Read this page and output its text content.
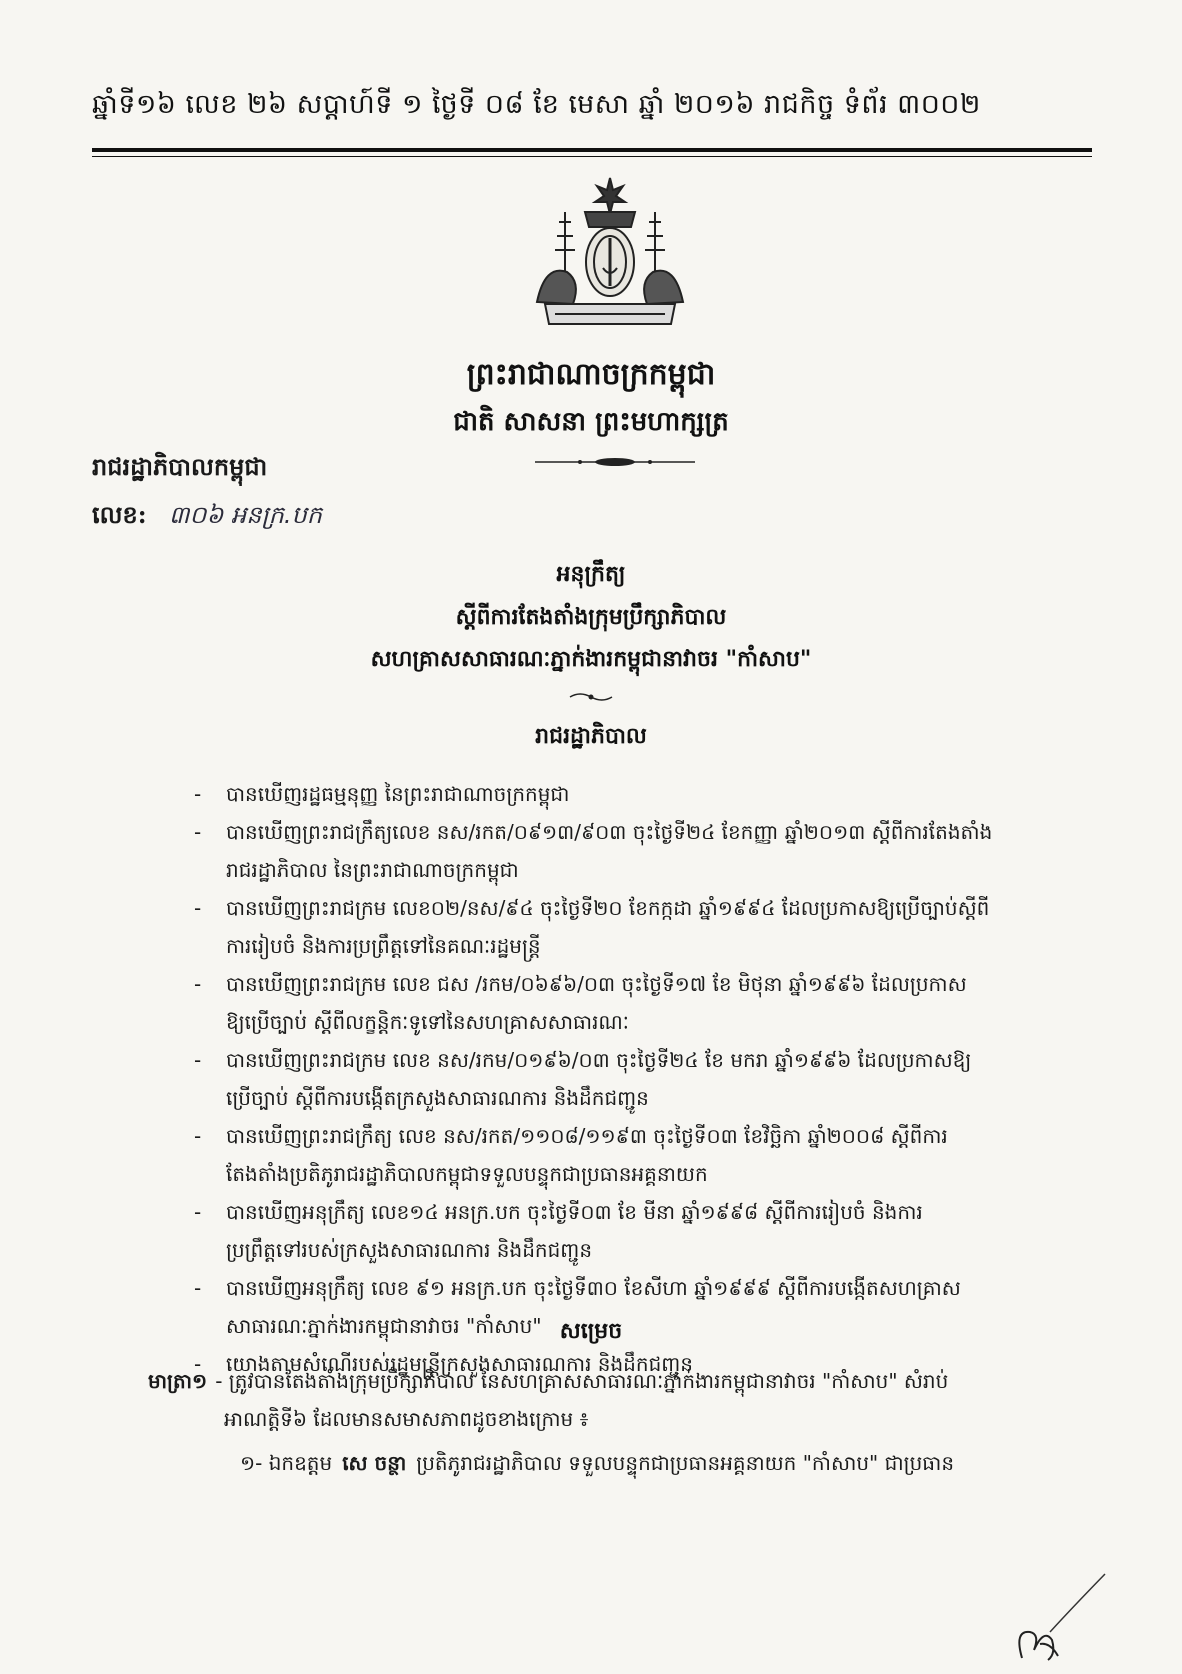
ឆ្នាំទី១៦ លេខ ២៦ សប្តាហ៍ទី ១ ថ្ងៃទី ០៨ ខែ មេសា ឆ្នាំ ២០១៦ រាជកិច្ច ទំព័រ ៣០០២
ព្រះរាជាណាចក្រកម្ពុជា
ជាតិ សាសនា ព្រះមហាក្សត្រ
រាជរដ្ឋាភិបាលកម្ពុជា
លេខ: ៣០៦ អនក្រ.បក
អនុក្រឹត្យ
ស្តីពីការតែងតាំងក្រុមប្រឹក្សាភិបាល
សហគ្រាសសាធារណៈភ្នាក់ងារកម្ពុជានាវាចរ "កាំសាប"
រាជរដ្ឋាភិបាល
- បានឃើញរដ្ឋធម្មនុញ្ញ នៃព្រះរាជាណាចក្រកម្ពុជា
- បានឃើញព្រះរាជក្រឹត្យលេខ នស/រកត/០៩១៣/៩០៣ ចុះថ្ងៃទី២៤ ខែកញ្ញា ឆ្នាំ២០១៣ ស្តីពីការតែងតាំង
រាជរដ្ឋាភិបាល នៃព្រះរាជាណាចក្រកម្ពុជា
- បានឃើញព្រះរាជក្រម លេខ០២/នស/៩៤ ចុះថ្ងៃទី២០ ខែកក្កដា ឆ្នាំ១៩៩៤ ដែលប្រកាសឱ្យប្រើច្បាប់ស្តីពី
ការរៀបចំ និងការប្រព្រឹត្តទៅនៃគណៈរដ្ឋមន្ត្រី
- បានឃើញព្រះរាជក្រម លេខ ជស /រកម/០៦៩៦/០៣ ចុះថ្ងៃទី១៧ ខែ មិថុនា ឆ្នាំ១៩៩៦ ដែលប្រកាស
ឱ្យប្រើច្បាប់ ស្តីពីលក្ខន្តិកៈទូទៅនៃសហគ្រាសសាធារណៈ
- បានឃើញព្រះរាជក្រម លេខ នស/រកម/០១៩៦/០៣ ចុះថ្ងៃទី២៤ ខែ មករា ឆ្នាំ១៩៩៦ ដែលប្រកាសឱ្យ
ប្រើច្បាប់ ស្តីពីការបង្កើតក្រសួងសាធារណការ និងដឹកជញ្ជូន
- បានឃើញព្រះរាជក្រឹត្យ លេខ នស/រកត/១១០៨/១១៩៣ ចុះថ្ងៃទី០៣ ខែវិច្ឆិកា ឆ្នាំ២០០៨ ស្តីពីការ
តែងតាំងប្រតិភូរាជរដ្ឋាភិបាលកម្ពុជាទទួលបន្ទុកជាប្រធានអគ្គនាយក
- បានឃើញអនុក្រឹត្យ លេខ១៤ អនក្រ.បក ចុះថ្ងៃទី០៣ ខែ មីនា ឆ្នាំ១៩៩៨ ស្តីពីការរៀបចំ និងការ
ប្រព្រឹត្តទៅរបស់ក្រសួងសាធារណការ និងដឹកជញ្ជូន
- បានឃើញអនុក្រឹត្យ លេខ ៩១ អនក្រ.បក ចុះថ្ងៃទី៣០ ខែសីហា ឆ្នាំ១៩៩៩ ស្តីពីការបង្កើតសហគ្រាស
សាធារណៈភ្នាក់ងារកម្ពុជានាវាចរ "កាំសាប"
- យោងតាមសំណើរបស់រដ្ឋមន្ត្រីក្រសួងសាធារណការ និងដឹកជញ្ជូន
សម្រេច
មាត្រា១ - ត្រូវបានតែងតាំងក្រុមប្រឹក្សាភិបាល នៃសហគ្រាសសាធារណៈភ្នាក់ងារកម្ពុជានាវាចរ "កាំសាប" សំរាប់
អាណត្តិទី៦ ដែលមានសមាសភាពដូចខាងក្រោម ៖
១- ឯកឧត្តម សេ ចន្ថា ប្រតិភូរាជរដ្ឋាភិបាល ទទួលបន្ទុកជាប្រធានអគ្គនាយក "កាំសាប" ជាប្រធាន
